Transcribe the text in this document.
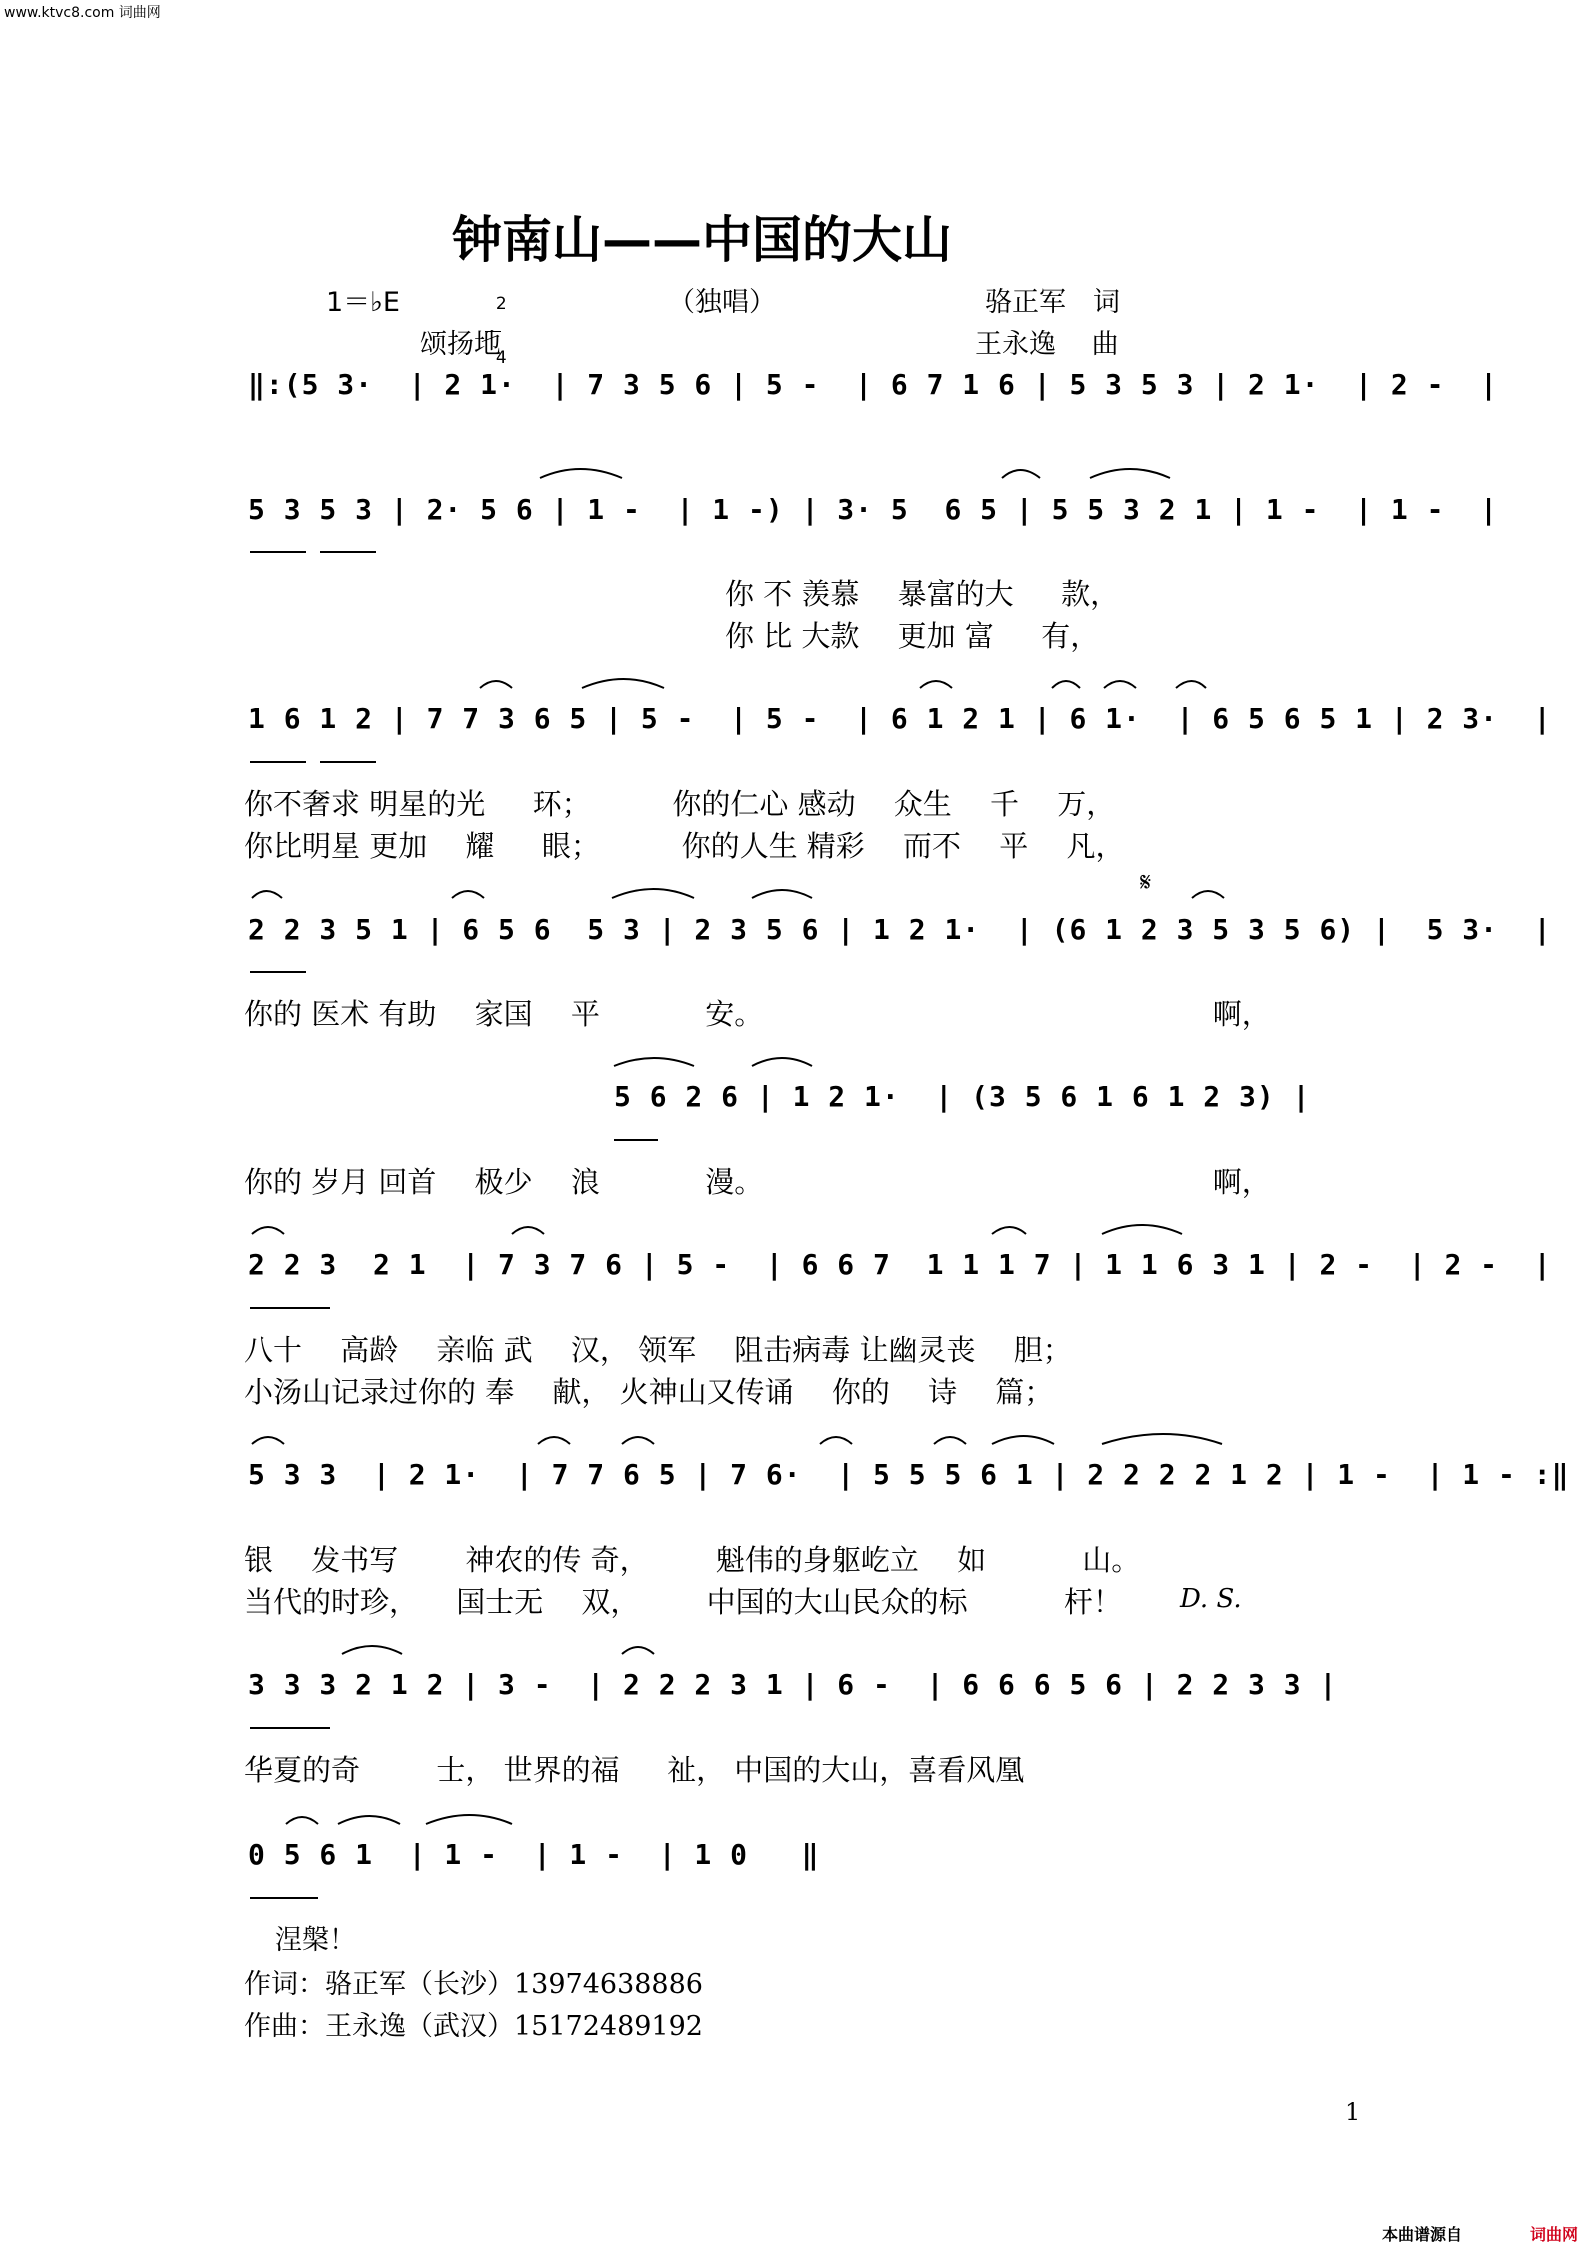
www.ktvc8.com 词曲网
钟南山——中国的大山
1＝♭E	2

4

（独唱）	骆正军　词
颂扬地	王永逸　 曲
‖:(5 3·  | 2 1·  | 7 3 5 6 | 5 -  | 6 7 1 6 | 5 3 5 3 | 2 1·  | 2 -  |
5 3 5 3 | 2· 5 6 | 1 -  | 1 -) | 3· 5  6 5 | 5 5 3 2 1 | 1 -  | 1 -  |
你 不 羡慕 　暴富的大 　 款，
你 比 大款 　更加 富 　 有，
1 6 1 2 | 7 7 3 6 5 | 5 -  | 5 -  | 6 1 2 1 | 6 1·  | 6 5 6 5 1 | 2 3·  |
你不奢求 明星的光 　 环；　　　 你的仁心 感动 　众生 　千 　万，
你比明星 更加 　耀 　 眼；　　　 你的人生 精彩 　而不 　平 　凡，
2 2 3 5 1 | 6 5 6  5 3 | 2 3 5 6 | 1 2 1·  | (6 1 2 3 5 3 5 6) |  5 3·  |
𝄋
你的 医术 有助 　家国 　平 　　　 安。　　　　　　　　　　　　　　　　啊，
5 6 2 6 | 1 2 1·  | (3 5 6 1 6 1 2 3) |
你的 岁月 回首 　极少 　浪 　　　 漫。　　　　　　　　　　　　　　　　啊，
2 2 3  2 1  | 7 3 7 6 | 5 -  | 6 6 7  1 1 1 7 | 1 1 6 3 1 | 2 -  | 2 -  |
八十 　高龄 　亲临 武 　汉， 领军 　阻击病毒 让幽灵丧 　胆；
小汤山记录过你的 奉 　献， 火神山又传诵 　你的 　诗 　篇；
5 3 3  | 2 1·  | 7 7 6 5 | 7 6·  | 5 5 5 6 1 | 2 2 2 2 1 2 | 1 -  | 1 - :‖
银 　发书写 　　神农的传 奇， 　　魁伟的身躯屹立 　如 　　　山。
当代的时珍， 　国士无 　双， 　　中国的大山民众的标 　　　杆！ D. S.
3 3 3 2 1 2 | 3 -  | 2 2 2 3 1 | 6 -  | 6 6 6 5 6 | 2 2 3 3 |
华夏的奇 　　 士， 世界的福 　 祉， 中国的大山，喜看风凰
0 5 6 1  | 1 -  | 1 -  | 1 0   ‖
涅槃！
作词：骆正军（长沙）13974638886
作曲：王永逸（武汉）15172489192
1
本曲谱源自	词曲网
